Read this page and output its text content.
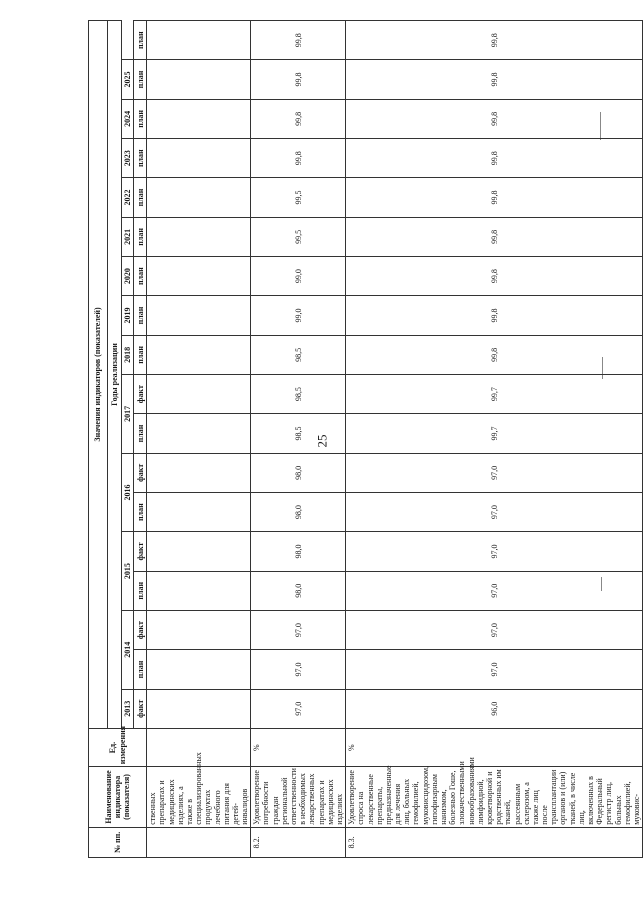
25
№ пп.	Наименование индикатора (показателя)	Ед. измерения	Значения индикаторов (показателей)																	
			Годы реализации																	
			2013	2014		2015		2016		2017		2018	2019	2020	2021	2022	2023	2024	2025	
			факт	план	факт	план	факт	план	факт	план	факт	план	план	план	план	план	план	план	план	план
	ственных препаратах и медицинских изделиях, а также в специализированных продуктах лечебного питания для детей-инвалидов																			
8.2.	Удовлетворение потребности граждан региональной ответственности в необходимых лекарственных препаратах и медицинских изделиях	%	97,0	97,0	97,0	98,0	98,0	98,0	98,0	98,5	98,5	98,5	99,0	99,0	99,5	99,5	99,8	99,8	99,8	99,8
8.3.	Удовлетворение спроса на лекарственные препараты, предназначенные для лечения лиц, больных гемофилией, муковисцидозом, гипофизарным нанизмом, болезнью Гоше, злокачественными новообразованиями лимфоидной, кроветворной и родственных им тканей, рассеянным склерозом, а также лиц после трансплантации органов и (или) тканей, в числе лиц, включенных в Федеральный регистр лиц, больных гемофилией, муковис-	%	96,0	97,0	97,0	97,0	97,0	97,0	97,0	99,7	99,7	99,8	99,8	99,8	99,8	99,8	99,8	99,8	99,8	99,8
